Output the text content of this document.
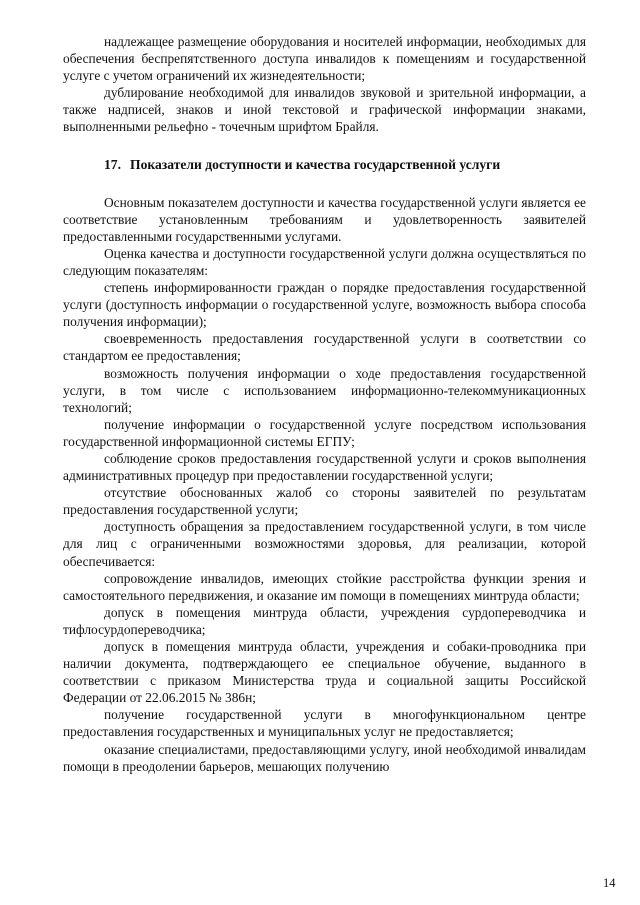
надлежащее размещение оборудования и носителей информации, необходимых для обеспечения беспрепятственного доступа инвалидов к помещениям и государственной услуге с учетом ограничений их жизнедеятельности;

дублирование необходимой для инвалидов звуковой и зрительной информации, а также надписей, знаков и иной текстовой и графической информации знаками, выполненными рельефно - точечным шрифтом Брайля.

17. Показатели доступности и качества государственной услуги

Основным показателем доступности и качества государственной услуги является ее соответствие установленным требованиям и удовлетворенность заявителей предоставленными государственными услугами.

Оценка качества и доступности государственной услуги должна осуществляться по следующим показателям:

степень информированности граждан о порядке предоставления государственной услуги (доступность информации о государственной услуге, возможность выбора способа получения информации);

своевременность предоставления государственной услуги в соответствии со стандартом ее предоставления;

возможность получения информации о ходе предоставления государственной услуги, в том числе с использованием информационно-телекоммуникационных технологий;

получение информации о государственной услуге посредством использования государственной информационной системы ЕГПУ;

соблюдение сроков предоставления государственной услуги и сроков выполнения административных процедур при предоставлении государственной услуги;

отсутствие обоснованных жалоб со стороны заявителей по результатам предоставления государственной услуги;

доступность обращения за предоставлением государственной услуги, в том числе для лиц с ограниченными возможностями здоровья, для реализации, которой обеспечивается:

сопровождение инвалидов, имеющих стойкие расстройства функции зрения и самостоятельного передвижения, и оказание им помощи в помещениях минтруда области;

допуск в помещения минтруда области, учреждения сурдопереводчика и тифлосурдопереводчика;

допуск в помещения минтруда области, учреждения и собаки-проводника при наличии документа, подтверждающего ее специальное обучение, выданного в соответствии с приказом Министерства труда и социальной защиты Российской Федерации от 22.06.2015 № 386н;

получение государственной услуги в многофункциональном центре предоставления государственных и муниципальных услуг не предоставляется;

оказание специалистами, предоставляющими услугу, иной необходимой инвалидам помощи в преодолении барьеров, мешающих получению

14
